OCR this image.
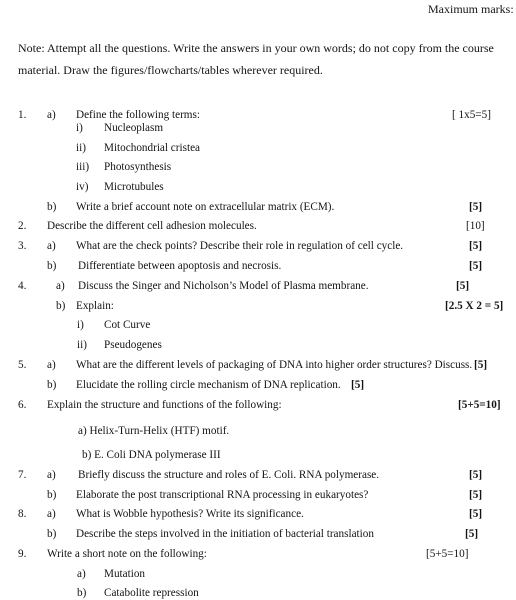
Maximum marks:
Note: Attempt all the questions. Write the answers in your own words; do not copy from the course
material. Draw the figures/flowcharts/tables wherever required.
1. a) Define the following terms:	[ 1x5=5]
i) Nucleoplasm
ii) Mitochondrial cristea
iii) Photosynthesis
iv) Microtubules
b) Write a brief account note on extracellular matrix (ECM).	[5]
2. Describe the different cell adhesion molecules.	[10]
3. a) What are the check points? Describe their role in regulation of cell cycle.	[5]
b) Differentiate between apoptosis and necrosis.	[5]
4.	a) Discuss the Singer and Nicholson’s Model of Plasma membrane.	[5]
b) Explain:	[2.5 X 2 = 5]
i) Cot Curve
ii) Pseudogenes
5. a) What are the different levels of packaging of DNA into higher order structures? Discuss. [5]
b) Elucidate the rolling circle mechanism of DNA replication. [5]
6. Explain the structure and functions of the following:	[5+5=10]
a) Helix-Turn-Helix (HTF) motif.
b) E. Coli DNA polymerase III
7. a) Briefly discuss the structure and roles of E. Coli. RNA polymerase.	[5]
b) Elaborate the post transcriptional RNA processing in eukaryotes?	[5]
8. a) What is Wobble hypothesis? Write its significance.	[5]
b) Describe the steps involved in the initiation of bacterial translation	[5]
9. Write a short note on the following:	[5+5=10]
a) Mutation
b) Catabolite repression
